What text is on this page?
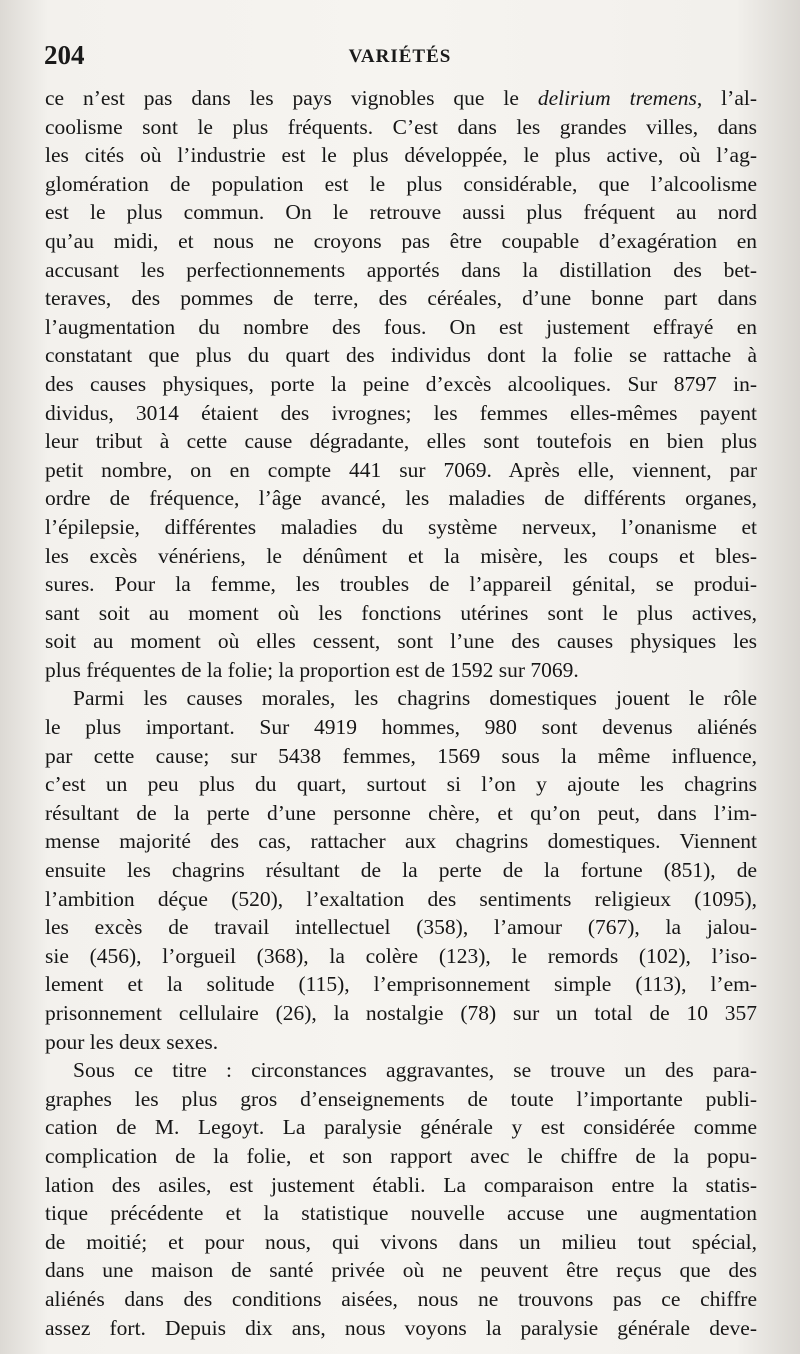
204	VARIÉTÉS
ce n’est pas dans les pays vignobles que le delirium tremens, l’al-
coolisme sont le plus fréquents. C’est dans les grandes villes, dans
les cités où l’industrie est le plus développée, le plus active, où l’ag-
glomération de population est le plus considérable, que l’alcoolisme
est le plus commun. On le retrouve aussi plus fréquent au nord
qu’au midi, et nous ne croyons pas être coupable d’exagération en
accusant les perfectionnements apportés dans la distillation des bet-
teraves, des pommes de terre, des céréales, d’une bonne part dans
l’augmentation du nombre des fous. On est justement effrayé en
constatant que plus du quart des individus dont la folie se rattache à
des causes physiques, porte la peine d’excès alcooliques. Sur 8797 in-
dividus, 3014 étaient des ivrognes; les femmes elles-mêmes payent
leur tribut à cette cause dégradante, elles sont toutefois en bien plus
petit nombre, on en compte 441 sur 7069. Après elle, viennent, par
ordre de fréquence, l’âge avancé, les maladies de différents organes,
l’épilepsie, différentes maladies du système nerveux, l’onanisme et
les excès vénériens, le dénûment et la misère, les coups et bles-
sures. Pour la femme, les troubles de l’appareil génital, se produi-
sant soit au moment où les fonctions utérines sont le plus actives,
soit au moment où elles cessent, sont l’une des causes physiques les
plus fréquentes de la folie; la proportion est de 1592 sur 7069.
Parmi les causes morales, les chagrins domestiques jouent le rôle
le plus important. Sur 4919 hommes, 980 sont devenus aliénés
par cette cause; sur 5438 femmes, 1569 sous la même influence,
c’est un peu plus du quart, surtout si l’on y ajoute les chagrins
résultant de la perte d’une personne chère, et qu’on peut, dans l’im-
mense majorité des cas, rattacher aux chagrins domestiques. Viennent
ensuite les chagrins résultant de la perte de la fortune (851), de
l’ambition déçue (520), l’exaltation des sentiments religieux (1095),
les excès de travail intellectuel (358), l’amour (767), la jalou-
sie (456), l’orgueil (368), la colère (123), le remords (102), l’iso-
lement et la solitude (115), l’emprisonnement simple (113), l’em-
prisonnement cellulaire (26), la nostalgie (78) sur un total de 10 357
pour les deux sexes.
Sous ce titre : circonstances aggravantes, se trouve un des para-
graphes les plus gros d’enseignements de toute l’importante publi-
cation de M. Legoyt. La paralysie générale y est considérée comme
complication de la folie, et son rapport avec le chiffre de la popu-
lation des asiles, est justement établi. La comparaison entre la statis-
tique précédente et la statistique nouvelle accuse une augmentation
de moitié; et pour nous, qui vivons dans un milieu tout spécial,
dans une maison de santé privée où ne peuvent être reçus que des
aliénés dans des conditions aisées, nous ne trouvons pas ce chiffre
assez fort. Depuis dix ans, nous voyons la paralysie générale deve-
